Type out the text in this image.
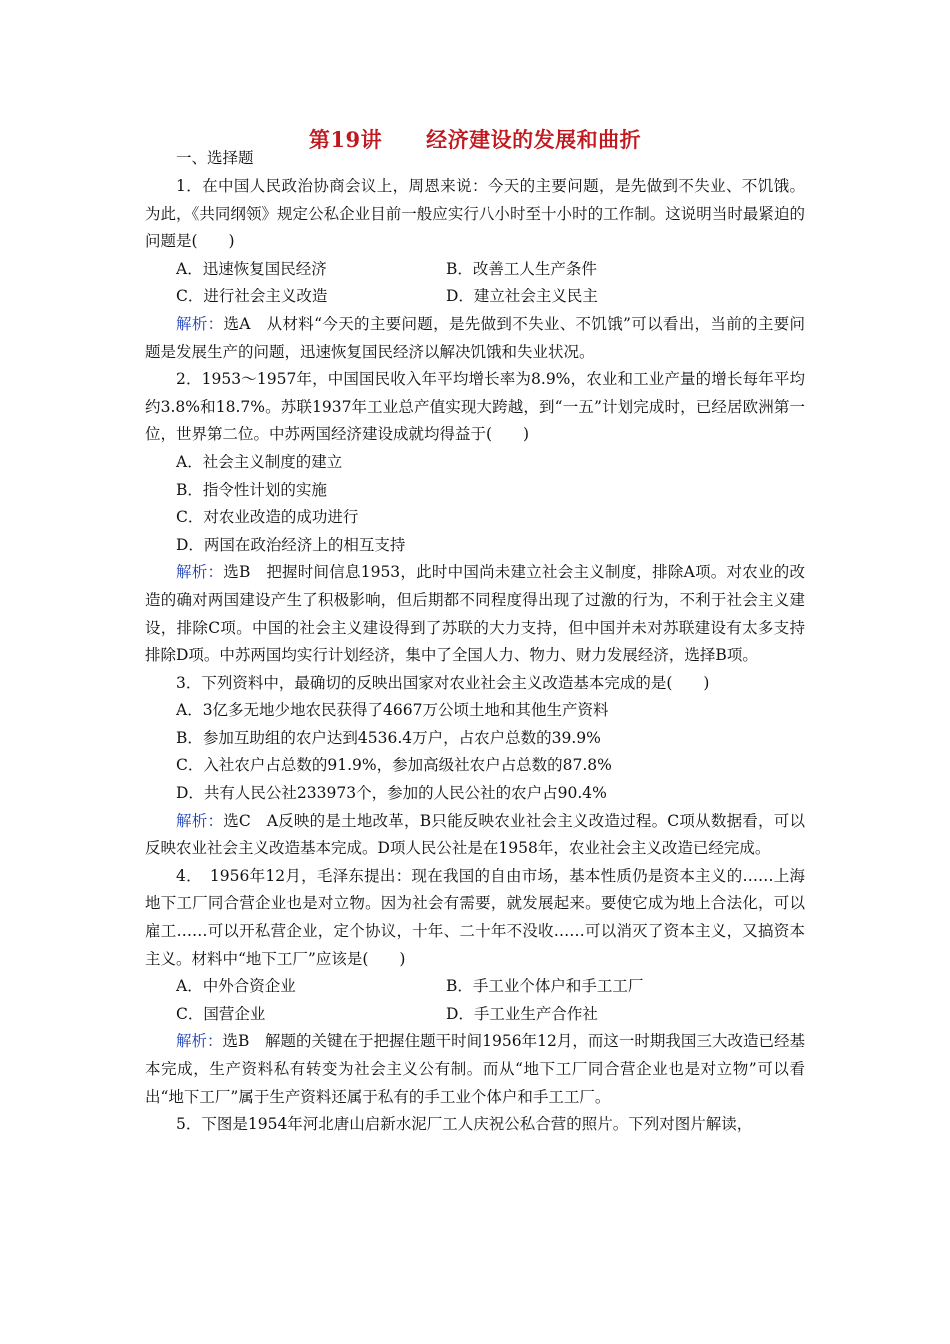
第19讲 经济建设的发展和曲折
一、选择题

1．在中国人民政治协商会议上，周恩来说：今天的主要问题，是先做到不失业、不饥饿。为此，《共同纲领》规定公私企业目前一般应实行八小时至十小时的工作制。这说明当时最紧迫的问题是(　　)

A．迅速恢复国民经济	B．改善工人生产条件
C．进行社会主义改造	D．建立社会主义民主

解析：选A　从材料“今天的主要问题，是先做到不失业、不饥饿”可以看出，当前的主要问题是发展生产的问题，迅速恢复国民经济以解决饥饿和失业状况。

2．1953～1957年，中国国民收入年平均增长率为8.9%，农业和工业产量的增长每年平均约3.8%和18.7%。苏联1937年工业总产值实现大跨越，到“一五”计划完成时，已经居欧洲第一位，世界第二位。中苏两国经济建设成就均得益于(　　)

A．社会主义制度的建立

B．指令性计划的实施

C．对农业改造的成功进行

D．两国在政治经济上的相互支持

解析：选B　把握时间信息1953，此时中国尚未建立社会主义制度，排除A项。对农业的改造的确对两国建设产生了积极影响，但后期都不同程度得出现了过激的行为，不利于社会主义建设，排除C项。中国的社会主义建设得到了苏联的大力支持，但中国并未对苏联建设有太多支持排除D项。中苏两国均实行计划经济，集中了全国人力、物力、财力发展经济，选择B项。

3．下列资料中，最确切的反映出国家对农业社会主义改造基本完成的是(　　)

A．3亿多无地少地农民获得了4667万公顷土地和其他生产资料

B．参加互助组的农户达到4536.4万户，占农户总数的39.9%

C．入社农户占总数的91.9%，参加高级社农户占总数的87.8%

D．共有人民公社233973个，参加的人民公社的农户占90.4%

解析：选C　A反映的是土地改革，B只能反映农业社会主义改造过程。C项从数据看，可以反映农业社会主义改造基本完成。D项人民公社是在1958年，农业社会主义改造已经完成。

4．　1956年12月，毛泽东提出：现在我国的自由市场，基本性质仍是资本主义的……上海地下工厂同合营企业也是对立物。因为社会有需要，就发展起来。要使它成为地上合法化，可以雇工……可以开私营企业，定个协议，十年、二十年不没收……可以消灭了资本主义，又搞资本主义。材料中“地下工厂”应该是(　　)

A．中外合资企业	B．手工业个体户和手工工厂
C．国营企业	D．手工业生产合作社

解析：选B　解题的关键在于把握住题干时间1956年12月，而这一时期我国三大改造已经基本完成，生产资料私有转变为社会主义公有制。而从“地下工厂同合营企业也是对立物”可以看出“地下工厂”属于生产资料还属于私有的手工业个体户和手工工厂。

5．下图是1954年河北唐山启新水泥厂工人庆祝公私合营的照片。下列对图片解读，
